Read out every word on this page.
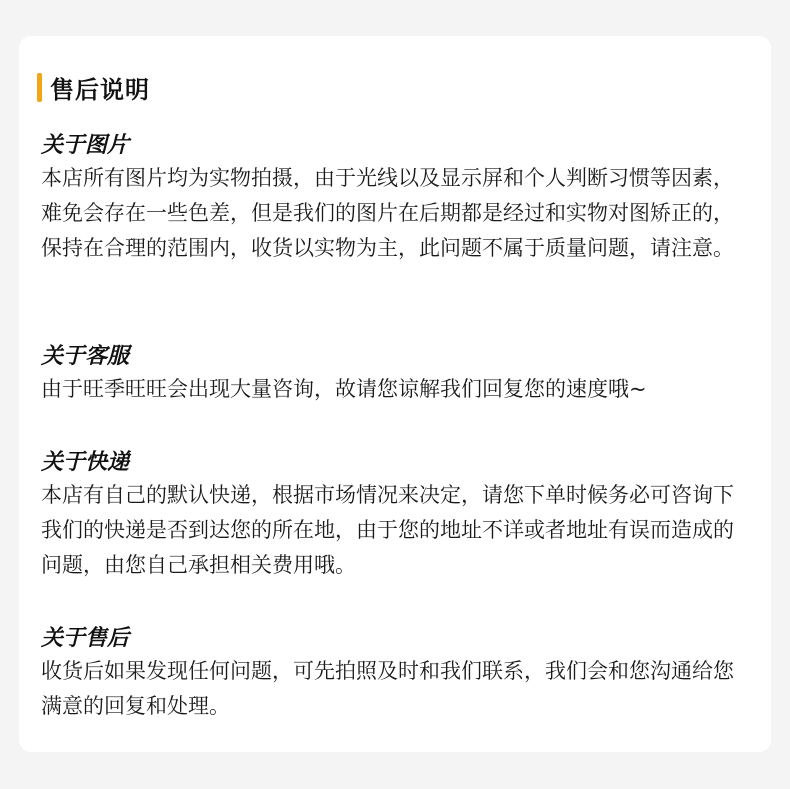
售后说明
关于图片
本店所有图片均为实物拍摄，由于光线以及显示屏和个人判断习惯等因素，难免会存在一些色差，但是我们的图片在后期都是经过和实物对图矫正的，保持在合理的范围内，收货以实物为主，此问题不属于质量问题，请注意。
关于客服
由于旺季旺旺会出现大量咨询，故请您谅解我们回复您的速度哦~
关于快递
本店有自己的默认快递，根据市场情况来决定，请您下单时候务必可咨询下我们的快递是否到达您的所在地，由于您的地址不详或者地址有误而造成的问题，由您自己承担相关费用哦。
关于售后
收货后如果发现任何问题，可先拍照及时和我们联系，我们会和您沟通给您满意的回复和处理。
